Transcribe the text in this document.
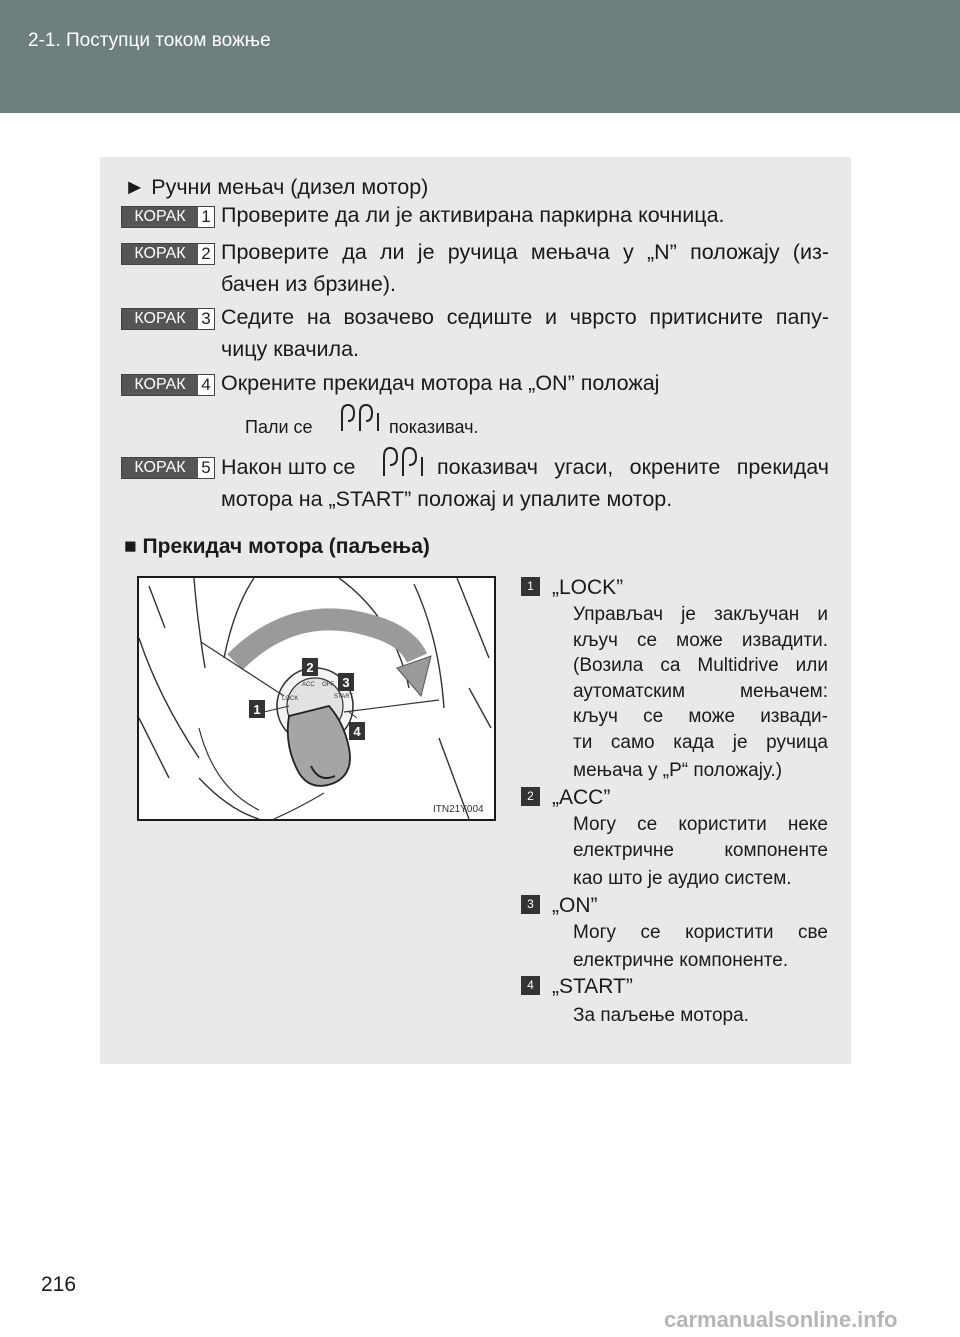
2-1. Поступци током вожње
► Ручни мењач (дизел мотор)
КОРАК 1 Проверите да ли је активирана паркирна кочница.
КОРАК 2 Проверите да ли је ручица мењача у „N” положају (из-
бачен из брзине).
КОРАК 3 Седите на возачево седиште и чврсто притисните папу-
чицу квачила.
КОРАК 4 Окрените прекидач мотора на „ON” положај
Пали се	показивач.
КОРАК 5 Након што се	показивач угаси, окрените прекидач
мотора на „START” положај и упалите мотор.
■ Прекидач мотора (паљења)
LOCK
ACC OFF
START
1
2
3
4
ITN21Y004
1 „LOCK”
Управљач је закључан и
кључ се може извадити.
(Возила са Multidrive или
аутоматским мењачем:
кључ се може извади-
ти само када је ручица
мењача у „P“ положају.)
2 „ACC”
Могу се користити неке
електричне компоненте
као што је аудио систем.
3 „ON”
Могу се користити све
електричне компоненте.
4 „START”
За паљење мотора.
216
carmanualsonline.info
